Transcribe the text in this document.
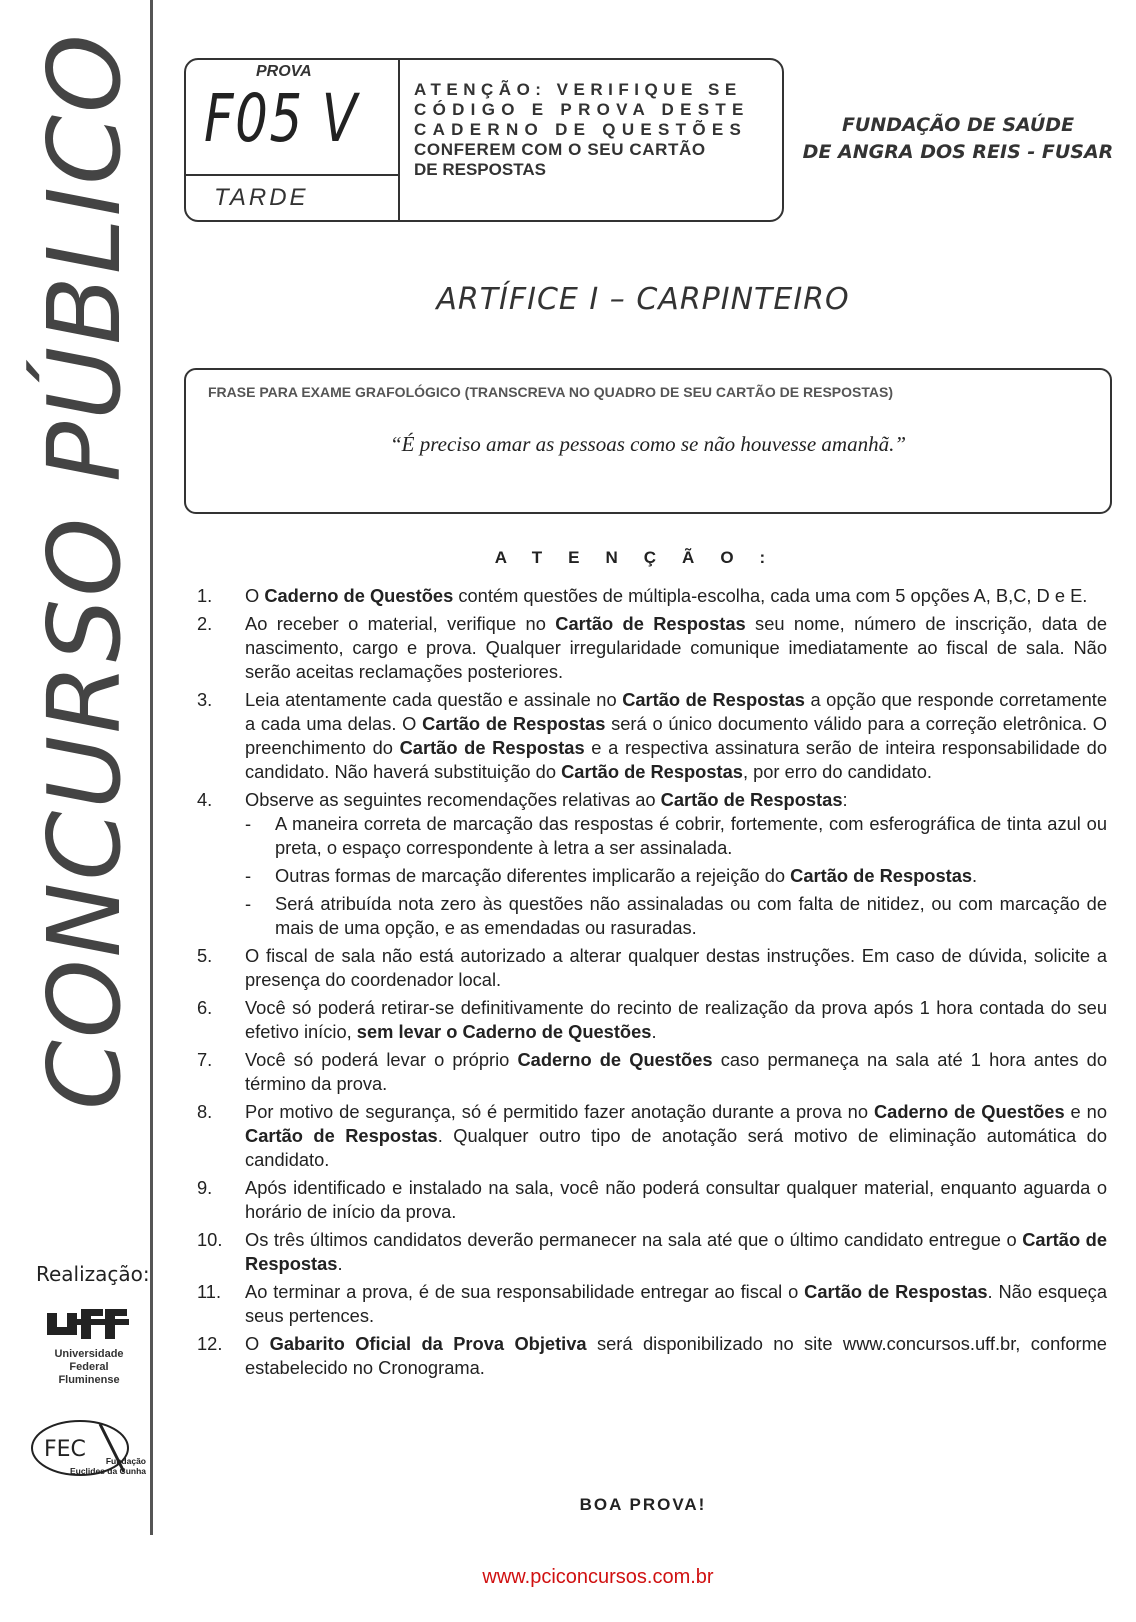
CONCURSO PÚBLICO
Realização:
Universidade
Federal
Fluminense
FEC Fundação
Euclides da Cunha
PROVA
F05 V
TARDE
ATENÇÃO: VERIFIQUE SE
CÓDIGO E PROVA DESTE
CADERNO DE QUESTÕES
CONFEREM COM O SEU CARTÃO
DE RESPOSTAS
FUNDAÇÃO DE SAÚDE
DE ANGRA DOS REIS - FUSAR
ARTÍFICE I – CARPINTEIRO
FRASE PARA EXAME GRAFOLÓGICO (TRANSCREVA NO QUADRO DE SEU CARTÃO DE RESPOSTAS)
“É preciso amar as pessoas como se não houvesse amanhã.”
ATENÇÃO:
1. O Caderno de Questões contém questões de múltipla-escolha, cada uma com 5 opções A, B,C, D e E.
2. Ao receber o material, verifique no Cartão de Respostas seu nome, número de inscrição, data de nascimento, cargo e prova. Qualquer irregularidade comunique imediatamente ao fiscal de sala. Não serão aceitas reclamações posteriores.
3. Leia atentamente cada questão e assinale no Cartão de Respostas a opção que responde corretamente a cada uma delas. O Cartão de Respostas será o único documento válido para a correção eletrônica. O preenchimento do Cartão de Respostas e a respectiva assinatura serão de inteira responsabilidade do candidato. Não haverá substituição do Cartão de Respostas, por erro do candidato.
4. Observe as seguintes recomendações relativas ao Cartão de Respostas:
- A maneira correta de marcação das respostas é cobrir, fortemente, com esferográfica de tinta azul ou preta, o espaço correspondente à letra a ser assinalada.
- Outras formas de marcação diferentes implicarão a rejeição do Cartão de Respostas.
- Será atribuída nota zero às questões não assinaladas ou com falta de nitidez, ou com marcação de mais de uma opção, e as emendadas ou rasuradas.
5. O fiscal de sala não está autorizado a alterar qualquer destas instruções. Em caso de dúvida, solicite a presença do coordenador local.
6. Você só poderá retirar-se definitivamente do recinto de realização da prova após 1 hora contada do seu efetivo início, sem levar o Caderno de Questões.
7. Você só poderá levar o próprio Caderno de Questões caso permaneça na sala até 1 hora antes do término da prova.
8. Por motivo de segurança, só é permitido fazer anotação durante a prova no Caderno de Questões e no Cartão de Respostas. Qualquer outro tipo de anotação será motivo de eliminação automática do candidato.
9. Após identificado e instalado na sala, você não poderá consultar qualquer material, enquanto aguarda o horário de início da prova.
10. Os três últimos candidatos deverão permanecer na sala até que o último candidato entregue o Cartão de Respostas.
11. Ao terminar a prova, é de sua responsabilidade entregar ao fiscal o Cartão de Respostas. Não esqueça seus pertences.
12. O Gabarito Oficial da Prova Objetiva será disponibilizado no site www.concursos.uff.br, conforme estabelecido no Cronograma.
BOA PROVA!
www.pciconcursos.com.br
